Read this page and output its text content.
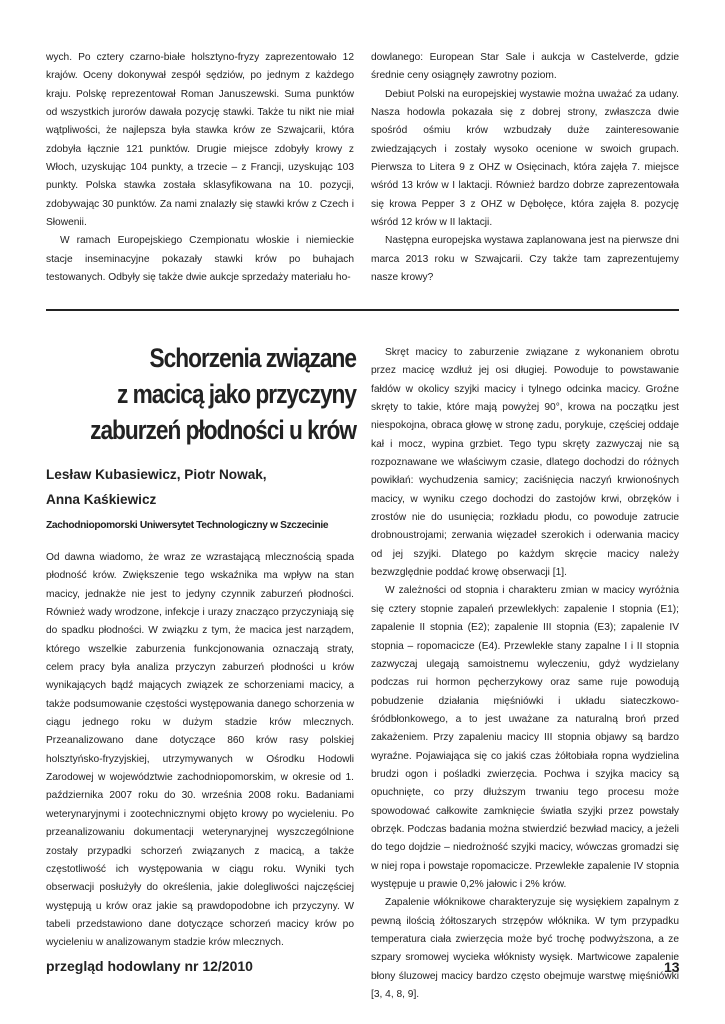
wych. Po cztery czarno-białe holsztyno-fryzy zaprezentowało 12 krajów. Oceny dokonywał zespół sędziów, po jednym z każdego kraju. Polskę reprezentował Roman Januszewski. Suma punktów od wszystkich jurorów dawała pozycję stawki. Także tu nikt nie miał wątpliwości, że najlepsza była stawka krów ze Szwajcarii, która zdobyła łącznie 121 punktów. Drugie miejsce zdobyły krowy z Włoch, uzyskując 104 punkty, a trzecie – z Francji, uzyskując 103 punkty. Polska stawka została sklasyfikowana na 10. pozycji, zdobywając 30 punktów. Za nami znalazły się stawki krów z Czech i Słowenii.

W ramach Europejskiego Czempionatu włoskie i niemieckie stacje inseminacyjne pokazały stawki krów po buhajach testowanych. Odbyły się także dwie aukcje sprzedaży materiału ho-

dowlanego: European Star Sale i aukcja w Castelverde, gdzie średnie ceny osiągnęły zawrotny poziom.

Debiut Polski na europejskiej wystawie można uważać za udany. Nasza hodowla pokazała się z dobrej strony, zwłaszcza dwie spośród ośmiu krów wzbudzały duże zainteresowanie zwiedzających i zostały wysoko ocenione w swoich grupach. Pierwsza to Litera 9 z OHZ w Osięcinach, która zajęła 7. miejsce wśród 13 krów w I laktacji. Również bardzo dobrze zaprezentowała się krowa Pepper 3 z OHZ w Dębołęce, która zajęła 8. pozycję wśród 12 krów w II laktacji.

Następna europejska wystawa zaplanowana jest na pierwsze dni marca 2013 roku w Szwajcarii. Czy także tam zaprezentujemy nasze krowy?

Schorzenia związane
z macicą jako przyczyny
zaburzeń płodności u krów
Lesław Kubasiewicz, Piotr Nowak,
Anna Kaśkiewicz
Zachodniopomorski Uniwersytet Technologiczny w Szczecinie

Od dawna wiadomo, że wraz ze wzrastającą mlecznością spada płodność krów. Zwiększenie tego wskaźnika ma wpływ na stan macicy, jednakże nie jest to jedyny czynnik zaburzeń płodności. Również wady wrodzone, infekcje i urazy znacząco przyczyniają się do spadku płodności. W związku z tym, że macica jest narządem, którego wszelkie zaburzenia funkcjonowania oznaczają straty, celem pracy była analiza przyczyn zaburzeń płodności u krów wynikających bądź mających związek ze schorzeniami macicy, a także podsumowanie częstości występowania danego schorzenia w ciągu jednego roku w dużym stadzie krów mlecznych. Przeanalizowano dane dotyczące 860 krów rasy polskiej holsztyńsko-fryzyjskiej, utrzymywanych w Ośrodku Hodowli Zarodowej w województwie zachodniopomorskim, w okresie od 1. października 2007 roku do 30. września 2008 roku. Badaniami weterynaryjnymi i zootechnicznymi objęto krowy po wycieleniu. Po przeanalizowaniu dokumentacji weterynaryjnej wyszczególnione zostały przypadki schorzeń związanych z macicą, a także częstotliwość ich występowania w ciągu roku. Wyniki tych obserwacji posłużyły do określenia, jakie dolegliwości najczęściej występują u krów oraz jakie są prawdopodobne ich przyczyny. W tabeli przedstawiono dane dotyczące schorzeń macicy krów po wycieleniu w analizowanym stadzie krów mlecznych.

Skręt macicy to zaburzenie związane z wykonaniem obrotu przez macicę wzdłuż jej osi długiej. Powoduje to powstawanie fałdów w okolicy szyjki macicy i tylnego odcinka macicy. Groźne skręty to takie, które mają powyżej 90°, krowa na początku jest niespokojna, obraca głowę w stronę zadu, porykuje, częściej oddaje kał i mocz, wypina grzbiet. Tego typu skręty zazwyczaj nie są rozpoznawane we właściwym czasie, dlatego dochodzi do różnych powikłań: wychudzenia samicy; zaciśnięcia naczyń krwionośnych macicy, w wyniku czego dochodzi do zastojów krwi, obrzęków i zrostów nie do usunięcia; rozkładu płodu, co powoduje zatrucie drobnoustrojami; zerwania więzadeł szerokich i oderwania macicy od jej szyjki. Dlatego po każdym skręcie macicy należy bezwzględnie poddać krowę obserwacji [1].

W zależności od stopnia i charakteru zmian w macicy wyróżnia się cztery stopnie zapaleń przewlekłych: zapalenie I stopnia (E1); zapalenie II stopnia (E2); zapalenie III stopnia (E3); zapalenie IV stopnia – ropomacicze (E4). Przewlekłe stany zapalne I i II stopnia zazwyczaj ulegają samoistnemu wyleczeniu, gdyż wydzielany podczas rui hormon pęcherzykowy oraz same ruje powodują pobudzenie działania mięśniówki i układu siateczkowo-śródbłonkowego, a to jest uważane za naturalną broń przed zakażeniem. Przy zapaleniu macicy III stopnia objawy są bardzo wyraźne. Pojawiająca się co jakiś czas żółtobiała ropna wydzielina brudzi ogon i pośladki zwierzęcia. Pochwa i szyjka macicy są opuchnięte, co przy dłuższym trwaniu tego procesu może spowodować całkowite zamknięcie światła szyjki przez powstały obrzęk. Podczas badania można stwierdzić bezwład macicy, a jeżeli do tego dojdzie – niedrożność szyjki macicy, wówczas gromadzi się w niej ropa i powstaje ropomacicze. Przewlekłe zapalenie IV stopnia występuje u prawie 0,2% jałowic i 2% krów.

Zapalenie włóknikowe charakteryzuje się wysiękiem zapalnym z pewną ilością żółtoszarych strzępów włóknika. W tym przypadku temperatura ciała zwierzęcia może być trochę podwyższona, a ze szpary sromowej wycieka włóknisty wysięk. Martwicowe zapalenie błony śluzowej macicy bardzo często obejmuje warstwę mięśniówki [3, 4, 8, 9].

przegląd hodowlany nr 12/2010	13
